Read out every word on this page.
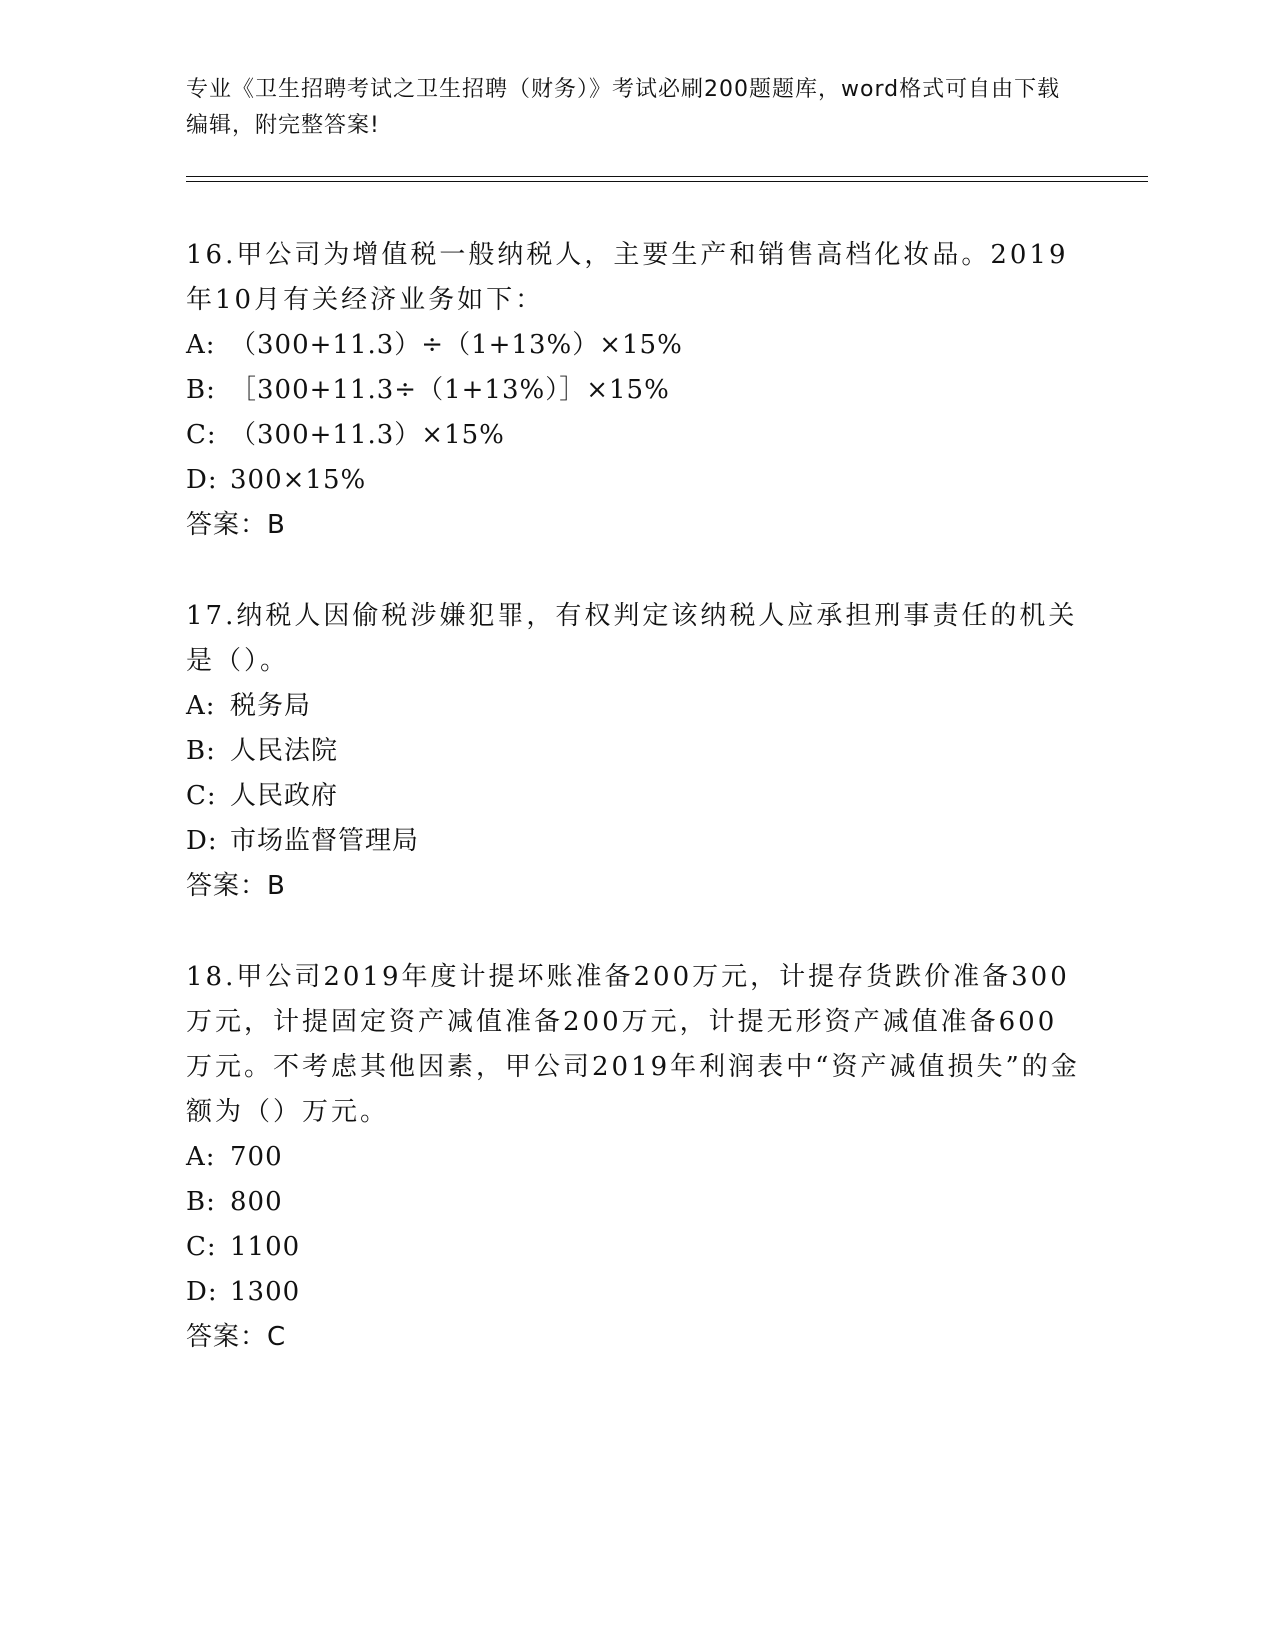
专业《卫生招聘考试之卫生招聘（财务）》考试必刷200题题库，word格式可自由下载编辑，附完整答案!

16.甲公司为增值税一般纳税人，主要生产和销售高档化妆品。2019年10月有关经济业务如下：

A: （300+11.3）÷（1+13%）×15%
B: ［300+11.3÷（1+13%）］×15%
C: （300+11.3）×15%
D: 300×15%
答案：B

17.纳税人因偷税涉嫌犯罪，有权判定该纳税人应承担刑事责任的机关是（）。

A: 税务局
B: 人民法院
C: 人民政府
D: 市场监督管理局
答案：B

18.甲公司2019年度计提坏账准备200万元，计提存货跌价准备300万元，计提固定资产减值准备200万元，计提无形资产减值准备600万元。不考虑其他因素，甲公司2019年利润表中“资产减值损失”的金额为（）万元。

A: 700
B: 800
C: 1100
D: 1300
答案：C
